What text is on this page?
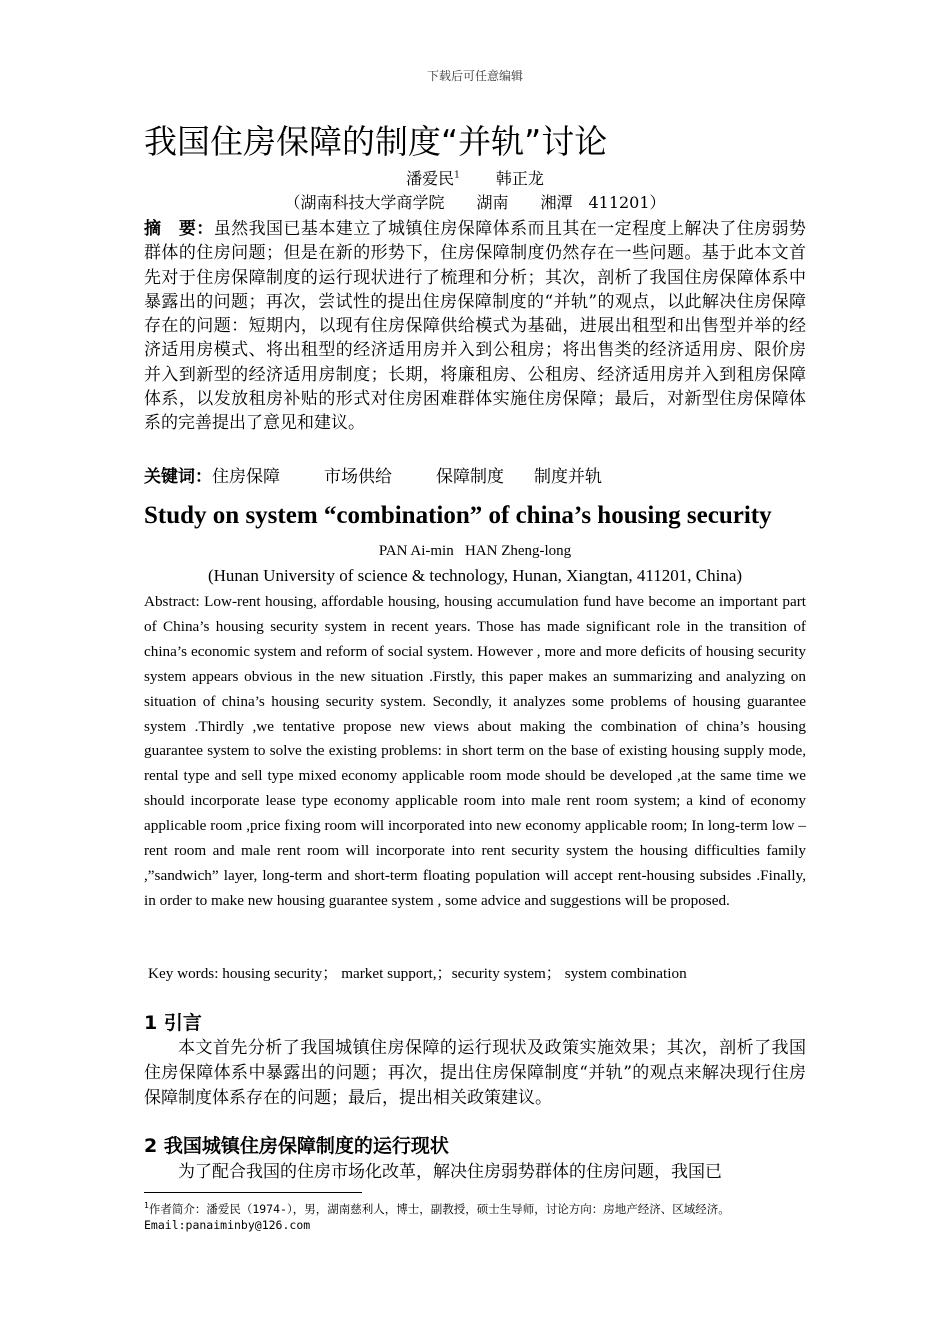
下载后可任意编辑
我国住房保障的制度“并轨”讨论
潘爱民$^1$ 韩正龙
（湖南科技大学商学院　　湖南　　湘潭　411201）
摘　要：虽然我国已基本建立了城镇住房保障体系而且其在一定程度上解决了住房弱势群体的住房问题；但是在新的形势下，住房保障制度仍然存在一些问题。基于此本文首先对于住房保障制度的运行现状进行了梳理和分析；其次，剖析了我国住房保障体系中暴露出的问题；再次，尝试性的提出住房保障制度的“并轨”的观点，以此解决住房保障存在的问题：短期内，以现有住房保障供给模式为基础，进展出租型和出售型并举的经济适用房模式、将出租型的经济适用房并入到公租房；将出售类的经济适用房、限价房并入到新型的经济适用房制度；长期，将廉租房、公租房、经济适用房并入到租房保障体系，以发放租房补贴的形式对住房困难群体实施住房保障；最后，对新型住房保障体系的完善提出了意见和建议。
关键词：住房保障	市场供给	保障制度 制度并轨
Study on system “combination” of china’s housing security
PAN Ai-min HAN Zheng-long
(Hunan University of science & technology, Hunan, Xiangtan, 411201, China)
Abstract: Low-rent housing, affordable housing, housing accumulation fund have become an important part of China’s housing security system in recent years. Those has made significant role in the transition of china’s economic system and reform of social system. However , more and more deficits of housing security system appears obvious in the new situation .Firstly, this paper makes an summarizing and analyzing on situation of china’s housing security system. Secondly, it analyzes some problems of housing guarantee system .Thirdly ,we tentative propose new views about making the combination of china’s housing guarantee system to solve the existing problems: in short term on the base of existing housing supply mode, rental type and sell type mixed economy applicable room mode should be developed ,at the same time we should incorporate lease type economy applicable room into male rent room system; a kind of economy applicable room ,price fixing room will incorporated into new economy applicable room; In long-term low –rent room and male rent room will incorporate into rent security system the housing difficulties family ,”sandwich” layer, long-term and short-term floating population will accept rent-housing subsides .Finally, in order to make new housing guarantee system , some advice and suggestions will be proposed.
Key words: housing security； market support,；security system； system combination
1 引言
本文首先分析了我国城镇住房保障的运行现状及政策实施效果；其次，剖析了我国住房保障体系中暴露出的问题；再次，提出住房保障制度“并轨”的观点来解决现行住房保障制度体系存在的问题；最后，提出相关政策建议。
2 我国城镇住房保障制度的运行现状
为了配合我国的住房市场化改革，解决住房弱势群体的住房问题，我国已
$^1$作者简介：潘爱民（1974-），男，湖南慈利人，博士，副教授，硕士生导师，讨论方向：房地产经济、区域经济。 Email:panaiminby@126.com
